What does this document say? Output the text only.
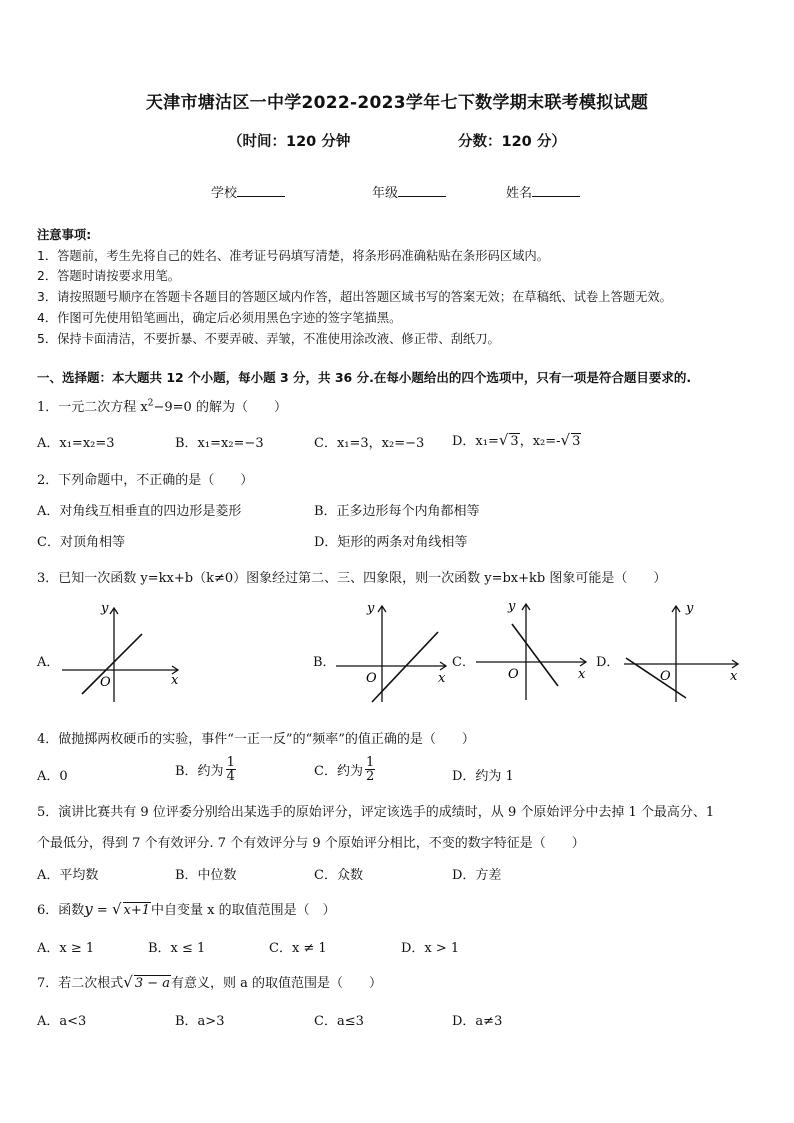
天津市塘沽区一中学2022-2023学年七下数学期末联考模拟试题
（时间：120 分钟	分数：120 分）
学校	年级	姓名
注意事项:
1．答题前，考生先将自己的姓名、准考证号码填写清楚，将条形码准确粘贴在条形码区域内。
2．答题时请按要求用笔。
3．请按照题号顺序在答题卡各题目的答题区域内作答，超出答题区域书写的答案无效；在草稿纸、试卷上答题无效。
4．作图可先使用铅笔画出，确定后必须用黑色字迹的签字笔描黑。
5．保持卡面清洁，不要折暴、不要弄破、弄皱，不准使用涂改液、修正带、刮纸刀。
一、选择题：本大题共 12 个小题，每小题 3 分，共 36 分.在每小题给出的四个选项中，只有一项是符合题目要求的.
1．一元二次方程 $x^2-9=0$ 的解为（　　）
A．x₁=x₂=3	B．x₁=x₂=−3	C．x₁=3，x₂=−3 D．x₁=√ 3，x₂=-√ 3
2．下列命题中，不正确的是（　　）
A．对角线互相垂直的四边形是菱形	B．正多边形每个内角都相等
C．对顶角相等	D．矩形的两条对角线相等
3．已知一次函数 y=kx+b（k≠0）图象经过第二、三、四象限，则一次函数 y=bx+kb 图象可能是（　　）
A．	B．	C．	D．
y
x
O
y
x
O
y
x
O
y
x
O
4．做抛掷两枚硬币的实验，事件“一正一反”的“频率”的值正确的是（　　）
A．0	B．约为 $\frac{1}{4}$	C．约为 $\frac{1}{2}$	D．约为 1
5．演讲比赛共有 9 位评委分别给出某选手的原始评分，评定该选手的成绩时，从 9 个原始评分中去掉 1 个最高分、1
个最低分，得到 7 个有效评分. 7 个有效评分与 9 个原始评分相比，不变的数字特征是（　　）
A．平均数	B．中位数	C．众数	D．方差
6．函数y = √ x+1中自变量 x 的取值范围是（　）
A．x ≥ 1	B．x ≤ 1	C．x ≠ 1	D．x > 1
7．若二次根式√ 3 − a有意义，则 a 的取值范围是（　　）
A．a<3	B．a>3	C．a≤3	D．a≠3
